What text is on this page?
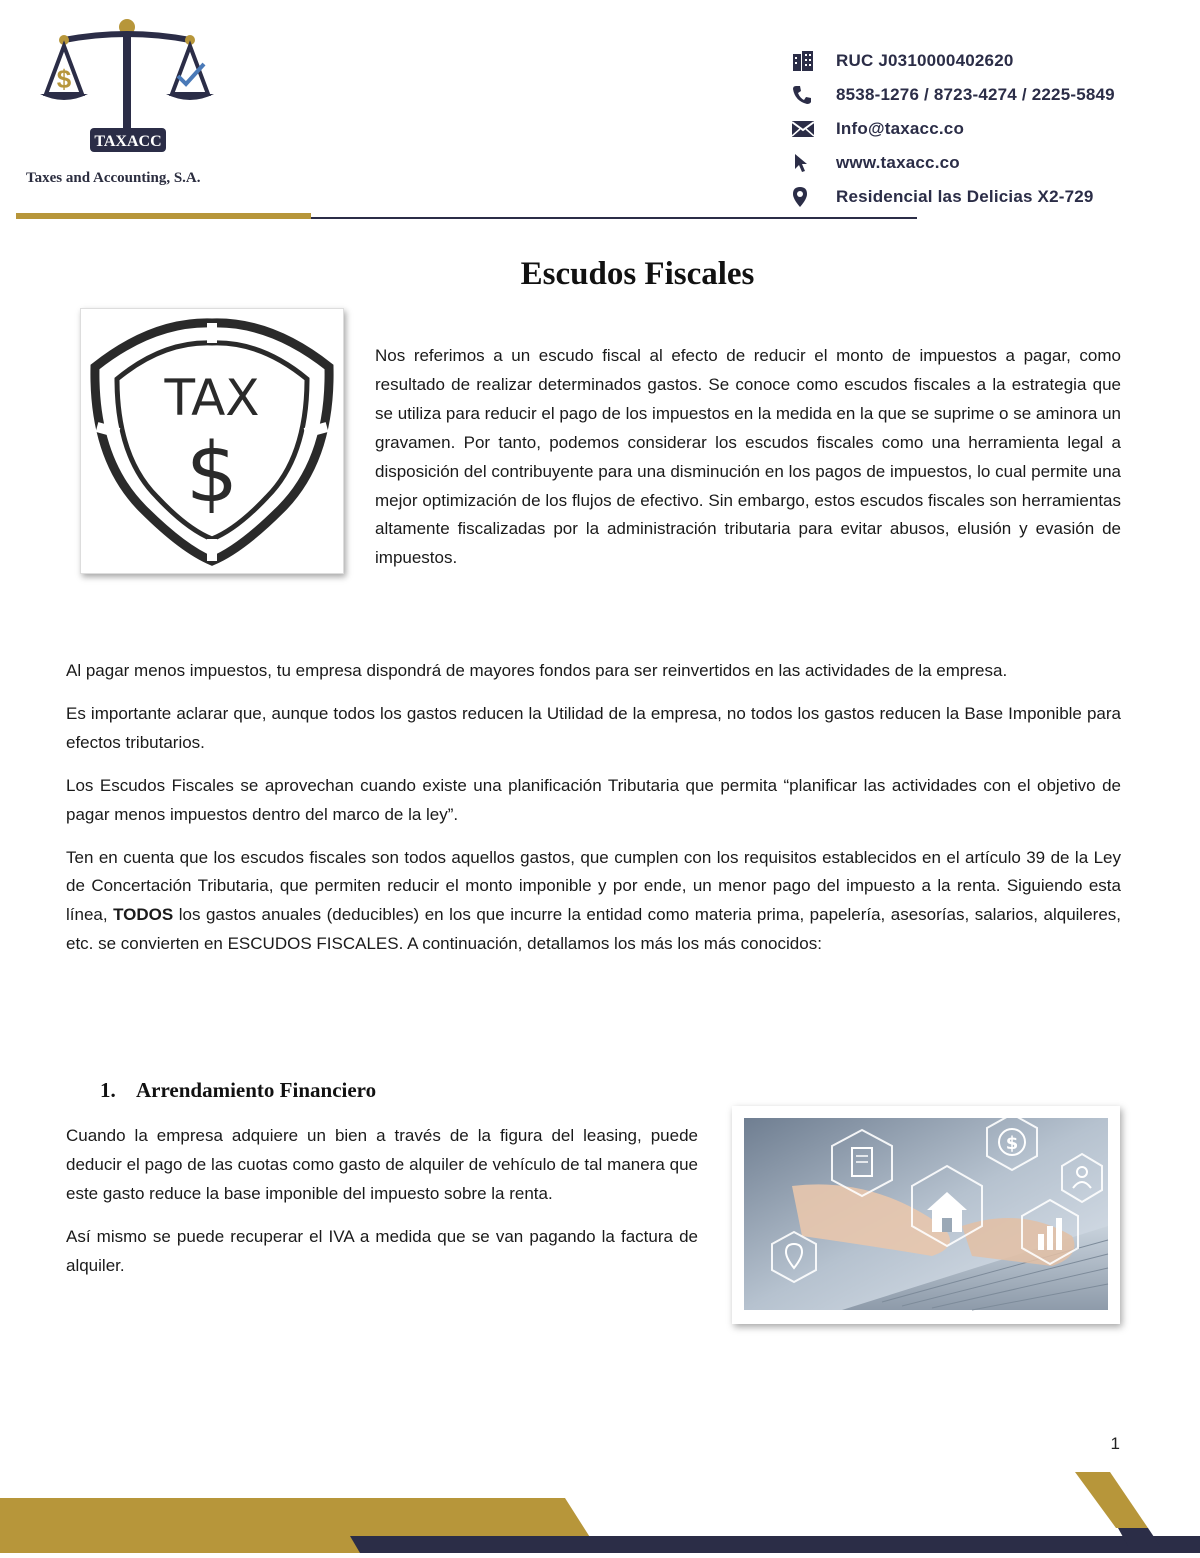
$
TAXACC
Taxes and Accounting, S.A.
RUC J0310000402620
8538-1276 / 8723-4274 / 2225-5849
Info@taxacc.co
www.taxacc.co
Residencial las Delicias X2-729
Escudos Fiscales
TAX
$

Nos referimos a un escudo fiscal al efecto de reducir el monto de impuestos a pagar, como resultado de realizar determinados gastos. Se conoce como escudos fiscales a la estrategia que se utiliza para reducir el pago de los impuestos en la medida en la que se suprime o se aminora un gravamen. Por tanto, podemos considerar los escudos fiscales como una herramienta legal a disposición del contribuyente para una disminución en los pagos de impuestos, lo cual permite una mejor optimización de los flujos de efectivo. Sin embargo, estos escudos fiscales son herramientas altamente fiscalizadas por la administración tributaria para evitar abusos, elusión y evasión de impuestos.

Al pagar menos impuestos, tu empresa dispondrá de mayores fondos para ser reinvertidos en las actividades de la empresa.

Es importante aclarar que, aunque todos los gastos reducen la Utilidad de la empresa, no todos los gastos reducen la Base Imponible para efectos tributarios.

Los Escudos Fiscales se aprovechan cuando existe una planificación Tributaria que permita “planificar las actividades con el objetivo de pagar menos impuestos dentro del marco de la ley”.

Ten en cuenta que los escudos fiscales son todos aquellos gastos, que cumplen con los requisitos establecidos en el artículo 39 de la Ley de Concertación Tributaria, que permiten reducir el monto imponible y por ende, un menor pago del impuesto a la renta. Siguiendo esta línea, TODOS los gastos anuales (deducibles) en los que incurre la entidad como materia prima, papelería, asesorías, salarios, alquileres, etc. se convierten en ESCUDOS FISCALES. A continuación, detallamos los más los más conocidos:

1. Arrendamiento Financiero

Cuando la empresa adquiere un bien a través de la figura del leasing, puede deducir el pago de las cuotas como gasto de alquiler de vehículo de tal manera que este gasto reduce la base imponible del impuesto sobre la renta.

Así mismo se puede recuperar el IVA a medida que se van pagando la factura de alquiler.

$
1
